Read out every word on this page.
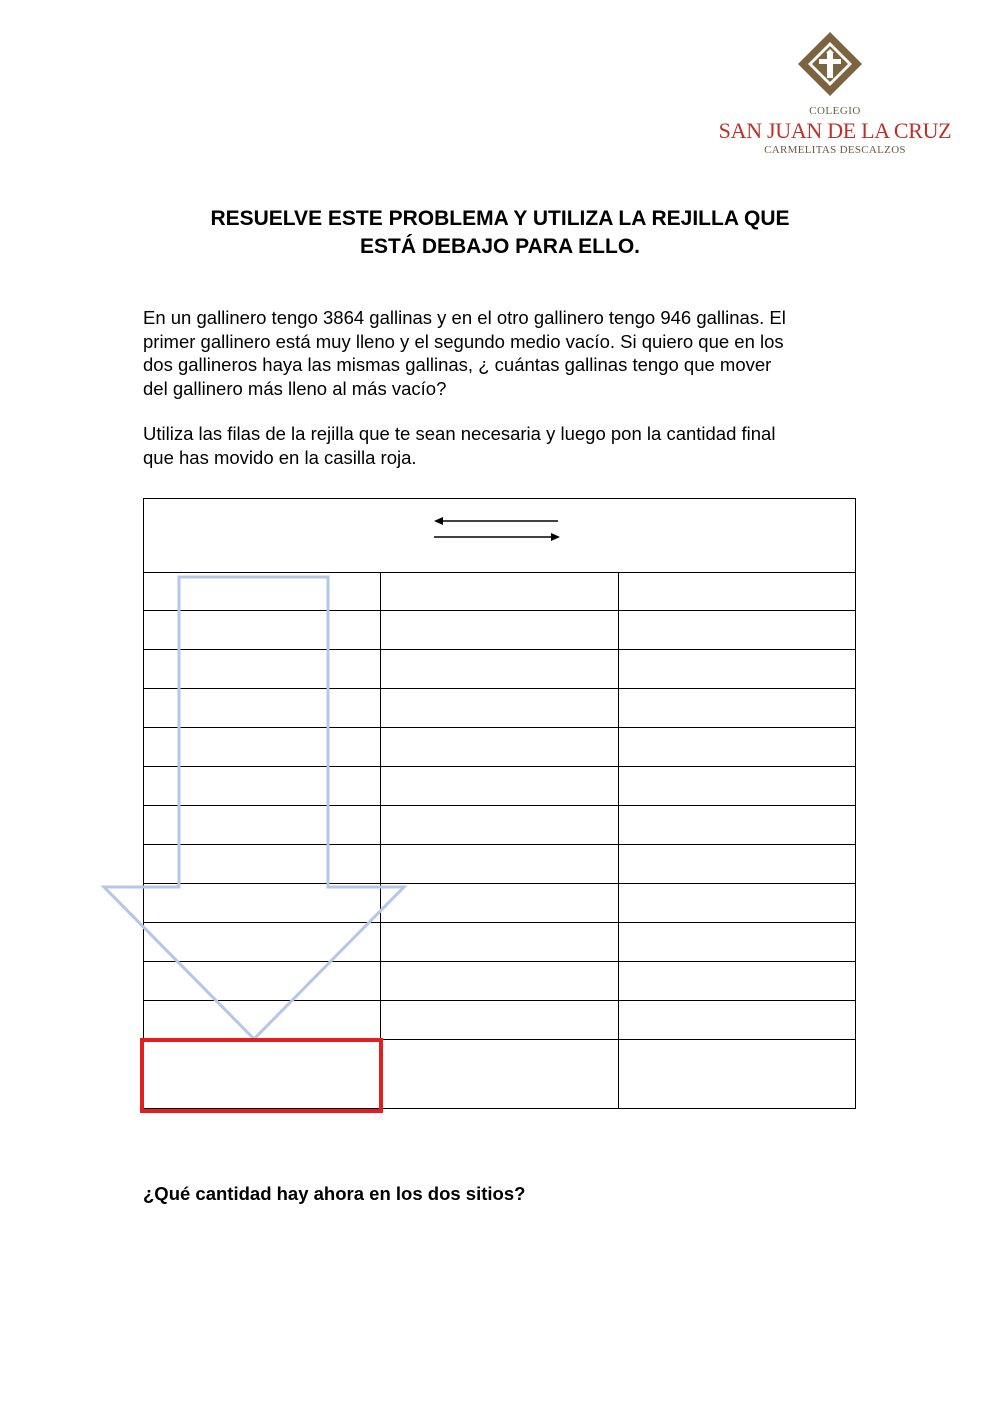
COLEGIO
SAN JUAN DE LA CRUZ
CARMELITAS DESCALZOS
RESUELVE ESTE PROBLEMA Y UTILIZA LA REJILLA QUE
ESTÁ DEBAJO PARA ELLO.
En un gallinero tengo 3864 gallinas y en el otro gallinero tengo 946 gallinas. El
primer gallinero está muy lleno y el segundo medio vacío. Si quiero que en los
dos gallineros haya las mismas gallinas, ¿ cuántas gallinas tengo que mover
del gallinero más lleno al más vacío?
Utiliza las filas de la rejilla que te sean necesaria y luego pon la cantidad final
que has movido en la casilla roja.
¿Qué cantidad hay ahora en los dos sitios?
